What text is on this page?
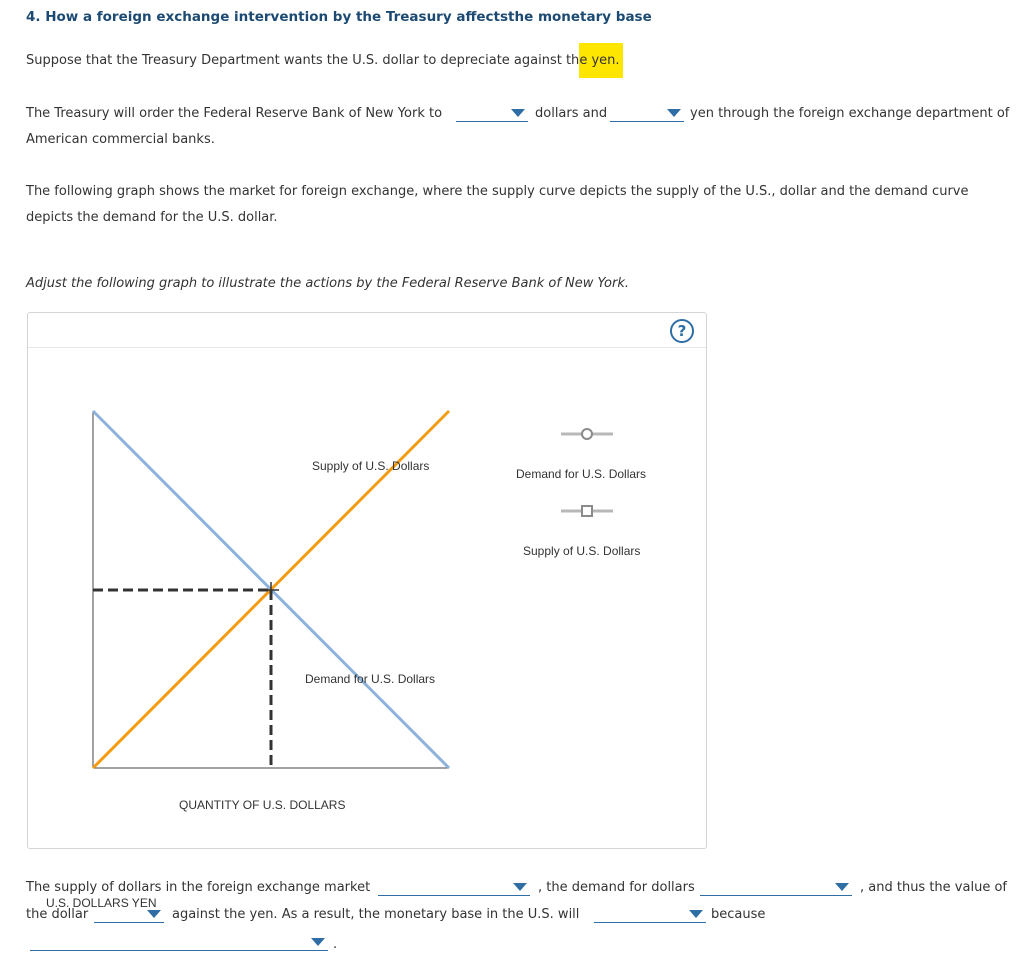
4. How a foreign exchange intervention by the Treasury affectsthe monetary base
Suppose that the Treasury Department wants the U.S. dollar to depreciate against the yen.
The Treasury will order the Federal Reserve Bank of New York to	dollars and	yen through the foreign exchange department of
American commercial banks.
The following graph shows the market for foreign exchange, where the supply curve depicts the supply of the U.S., dollar and the demand curve
depicts the demand for the U.S. dollar.
Adjust the following graph to illustrate the actions by the Federal Reserve Bank of New York.
?
U.S. DOLLARS YEN
Supply of U.S. Dollars
Demand for U.S. Dollars
QUANTITY OF U.S. DOLLARS
Demand for U.S. Dollars
Supply of U.S. Dollars
The supply of dollars in the foreign exchange market	, the demand for dollars	, and thus the value of
the dollar	against the yen. As a result, the monetary base in the U.S. will	because
.
